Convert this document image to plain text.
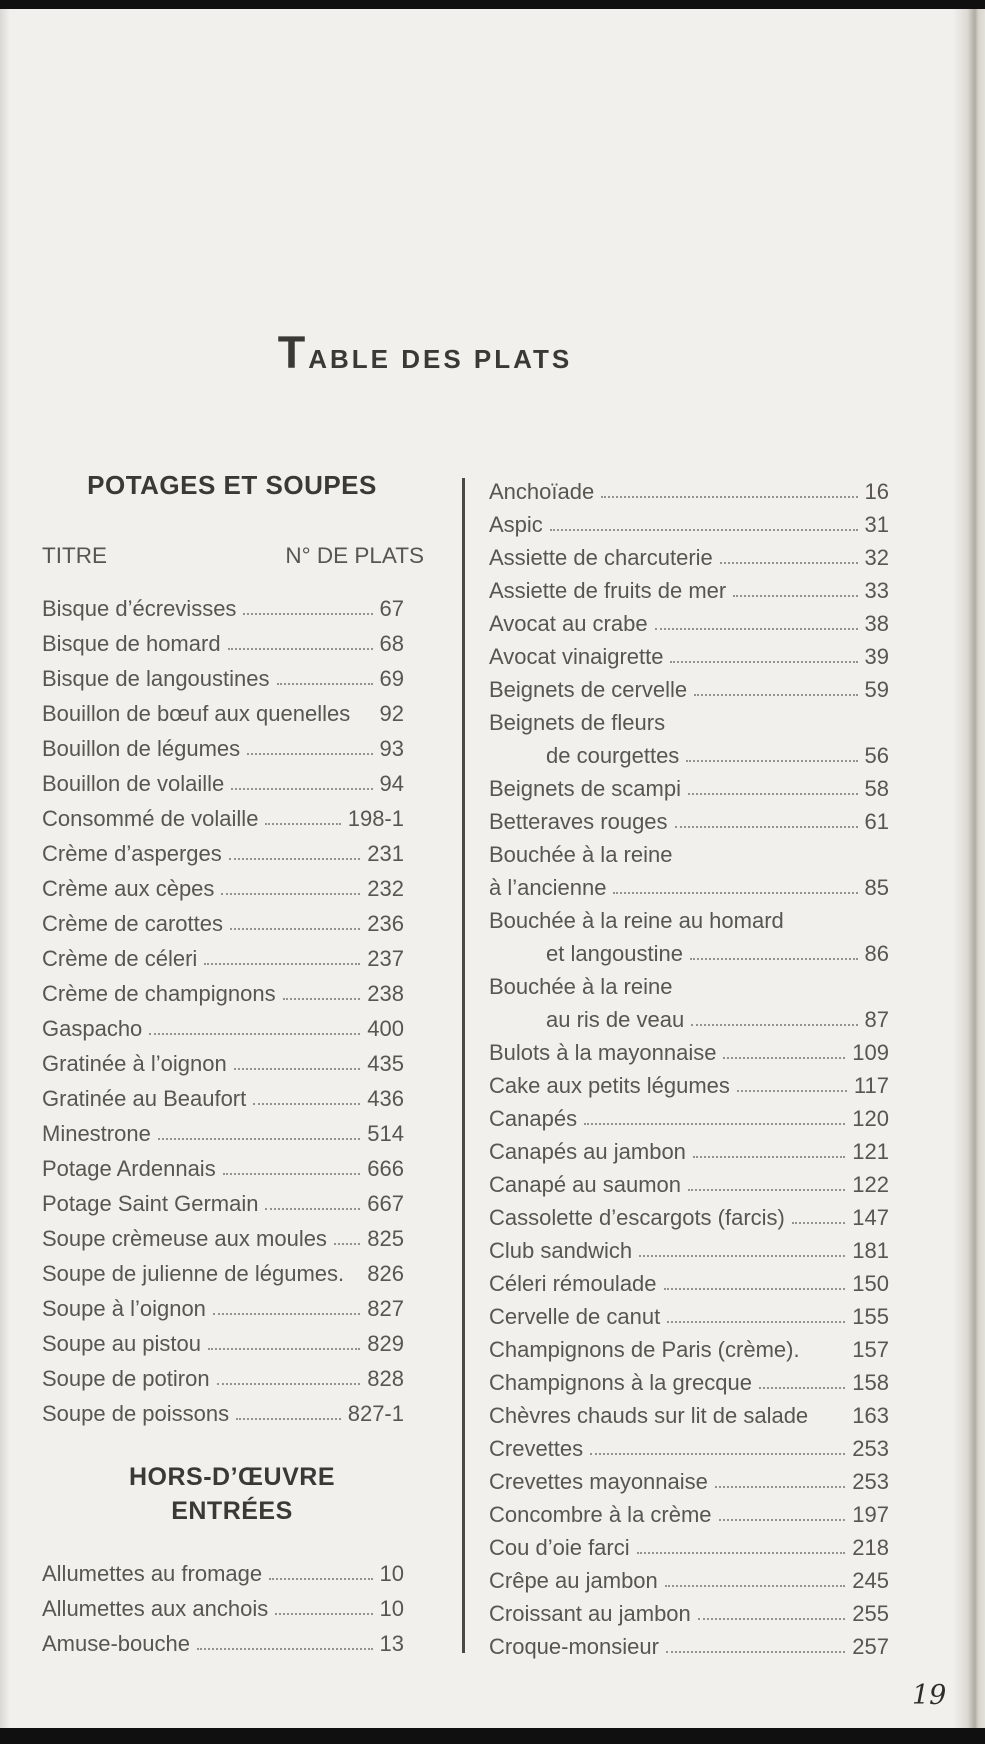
TABLE DES PLATS
POTAGES ET SOUPES
TITRE	N° DE PLATS
Bisque d’écrevisses	67
Bisque de homard	68
Bisque de langoustines	69
Bouillon de bœuf aux quenelles 92
Bouillon de légumes	93
Bouillon de volaille	94
Consommé de volaille	198-1
Crème d’asperges	231
Crème aux cèpes	232
Crème de carottes	236
Crème de céleri	237
Crème de champignons	238
Gaspacho	400
Gratinée à l’oignon	435
Gratinée au Beaufort	436
Minestrone	514
Potage Ardennais	666
Potage Saint Germain	667
Soupe crèmeuse aux moules 825
Soupe de julienne de légumes. 826
Soupe à l’oignon	827
Soupe au pistou	829
Soupe de potiron	828
Soupe de poissons	827-1
HORS-D’ŒUVRE
ENTRÉES
Allumettes au fromage	10
Allumettes aux anchois	10
Amuse-bouche	13
Anchoïade	16
Aspic	31
Assiette de charcuterie	32
Assiette de fruits de mer	33
Avocat au crabe	38
Avocat vinaigrette	39
Beignets de cervelle	59
Beignets de fleurs
de courgettes	56
Beignets de scampi	58
Betteraves rouges	61
Bouchée à la reine
à l’ancienne	85
Bouchée à la reine au homard
et langoustine	86
Bouchée à la reine
au ris de veau	87
Bulots à la mayonnaise	109
Cake aux petits légumes	117
Canapés	120
Canapés au jambon	121
Canapé au saumon	122
Cassolette d’escargots (farcis)	147
Club sandwich	181
Céleri rémoulade	150
Cervelle de canut	155
Champignons de Paris (crème). 157
Champignons à la grecque	158
Chèvres chauds sur lit de salade 163
Crevettes	253
Crevettes mayonnaise	253
Concombre à la crème	197
Cou d’oie farci	218
Crêpe au jambon	245
Croissant au jambon	255
Croque-monsieur	257
19
